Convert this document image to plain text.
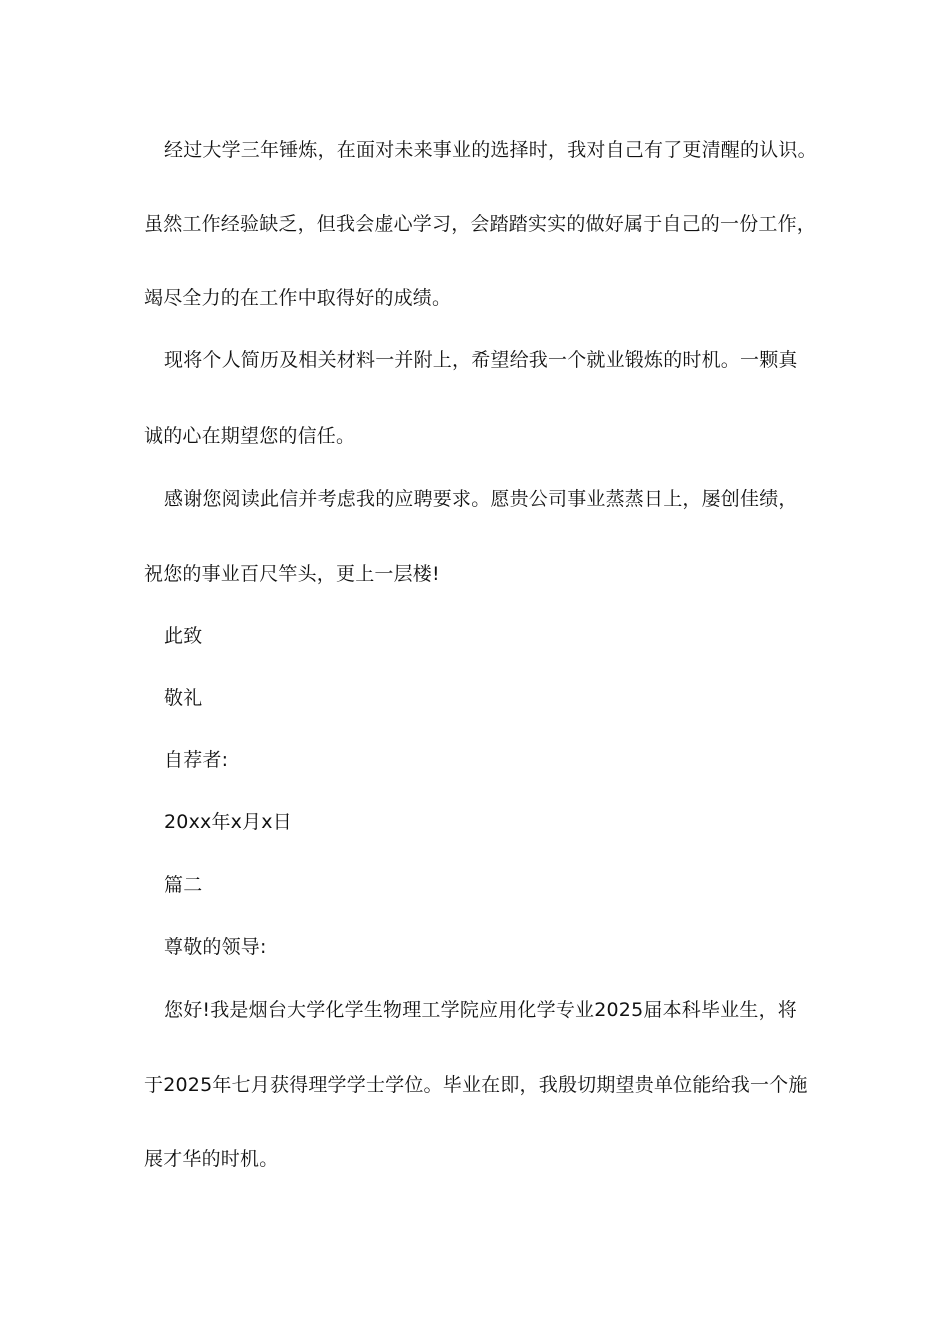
经过大学三年锤炼，在面对未来事业的选择时，我对自己有了更清醒的认识。
虽然工作经验缺乏，但我会虚心学习，会踏踏实实的做好属于自己的一份工作，
竭尽全力的在工作中取得好的成绩。
现将个人简历及相关材料一并附上，希望给我一个就业锻炼的时机。一颗真
诚的心在期望您的信任。
感谢您阅读此信并考虑我的应聘要求。愿贵公司事业蒸蒸日上，屡创佳绩，
祝您的事业百尺竿头，更上一层楼!
此致
敬礼
自荐者:
20xx年x月x日
篇二
尊敬的领导:
您好!我是烟台大学化学生物理工学院应用化学专业2025届本科毕业生，将
于2025年七月获得理学学士学位。毕业在即，我殷切期望贵单位能给我一个施
展才华的时机。
